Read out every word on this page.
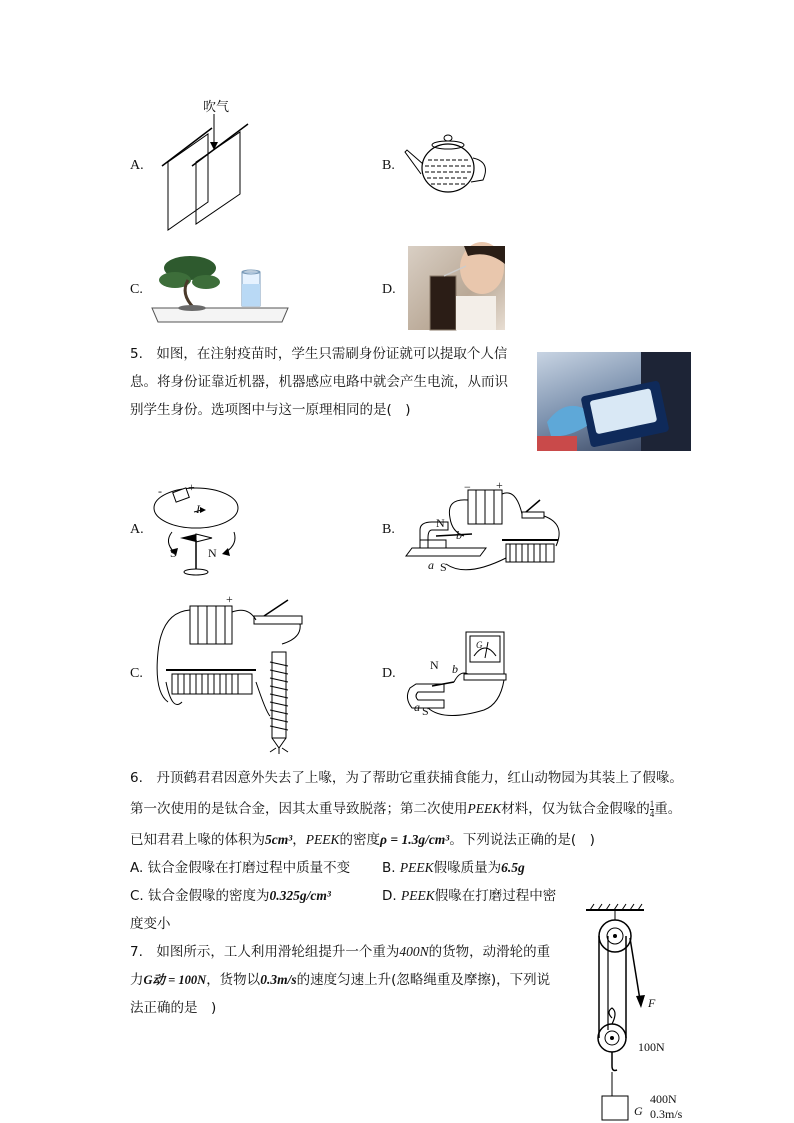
A.
吹气
B.
C.	D.
5.　如图，在注射疫苗时，学生只需刷身份证就可以提取个人信
息。将身份证靠近机器，机器感应电路中就会产生电流，从而识
别学生身份。选项图中与这一原理相同的是(　)
A.
- +
I
S	N
B.
− +
N
b
a S
C.
+
D.
G
N b
a S
6.　丹顶鹤君君因意外失去了上喙，为了帮助它重获捕食能力，红山动物园为其装上了假喙。
第一次使用的是钛合金，因其太重导致脱落；第二次使用PEEK材料，仅为钛合金假喙的 $\frac{1}{4}$ 重。
已知君君上喙的体积为5cm³，PEEK的密度ρ = 1.3g/cm³。下列说法正确的是(　)
A. 钛合金假喙在打磨过程中质量不变 B. PEEK假喙质量为6.5g
C. 钛合金假喙的密度为0.325g/cm³	D. PEEK假喙在打磨过程中密
度变小
7.　如图所示，工人利用滑轮组提升一个重为400N的货物，动滑轮的重
力G动 = 100N，货物以0.3m/s的速度匀速上升(忽略绳重及摩擦)，下列说
法正确的是　)	F
100N
400N
0.3m/s
G
